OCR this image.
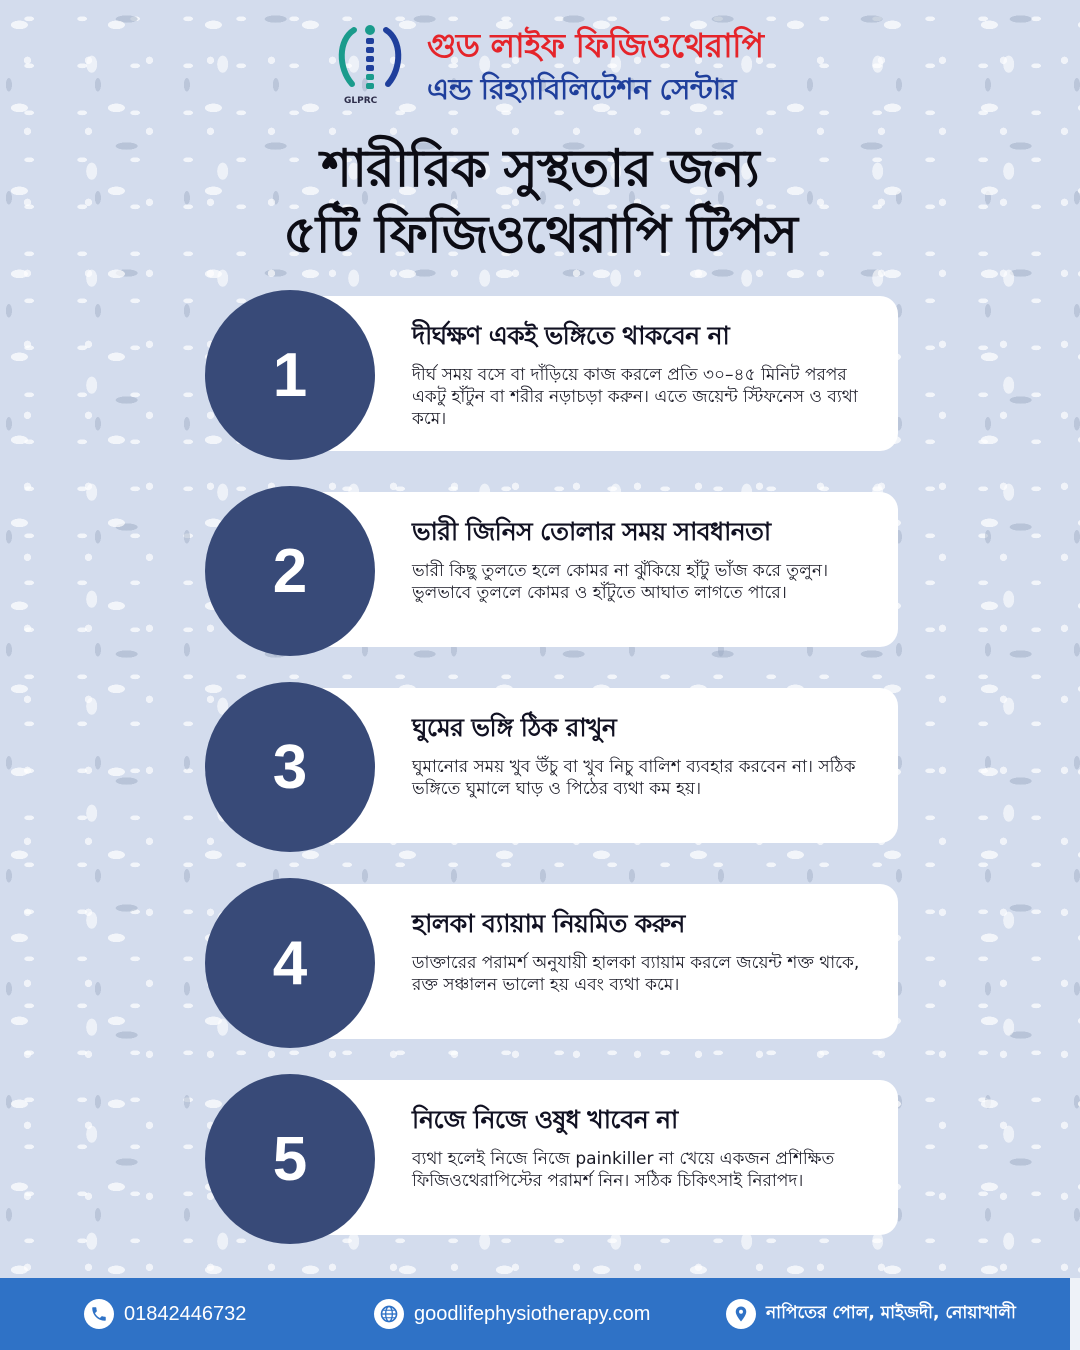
GLPRC
গুড লাইফ ফিজিওথেরাপি
এন্ড রিহ্যাবিলিটেশন সেন্টার
শারীরিক সুস্থতার জন্য
৫টি ফিজিওথেরাপি টিপস
দীর্ঘক্ষণ একই ভঙ্গিতে থাকবেন না
দীর্ঘ সময় বসে বা দাঁড়িয়ে কাজ করলে প্রতি ৩০–৪৫ মিনিট পরপর একটু হাঁটুন বা শরীর নড়াচড়া করুন। এতে জয়েন্ট স্টিফনেস ও ব্যথা কমে।
1
ভারী জিনিস তোলার সময় সাবধানতা
ভারী কিছু তুলতে হলে কোমর না ঝুঁকিয়ে হাঁটু ভাঁজ করে তুলুন। ভুলভাবে তুললে কোমর ও হাঁটুতে আঘাত লাগতে পারে।
2
ঘুমের ভঙ্গি ঠিক রাখুন
ঘুমানোর সময় খুব উঁচু বা খুব নিচু বালিশ ব্যবহার করবেন না। সঠিক ভঙ্গিতে ঘুমালে ঘাড় ও পিঠের ব্যথা কম হয়।
3
হালকা ব্যায়াম নিয়মিত করুন
ডাক্তারের পরামর্শ অনুযায়ী হালকা ব্যায়াম করলে জয়েন্ট শক্ত থাকে, রক্ত সঞ্চালন ভালো হয় এবং ব্যথা কমে।
4
নিজে নিজে ওষুধ খাবেন না
ব্যথা হলেই নিজে নিজে painkiller না খেয়ে একজন প্রশিক্ষিত ফিজিওথেরাপিস্টের পরামর্শ নিন। সঠিক চিকিৎসাই নিরাপদ।
5
01842446732	goodlifephysiotherapy.com	নাপিতের পোল, মাইজদী, নোয়াখালী
